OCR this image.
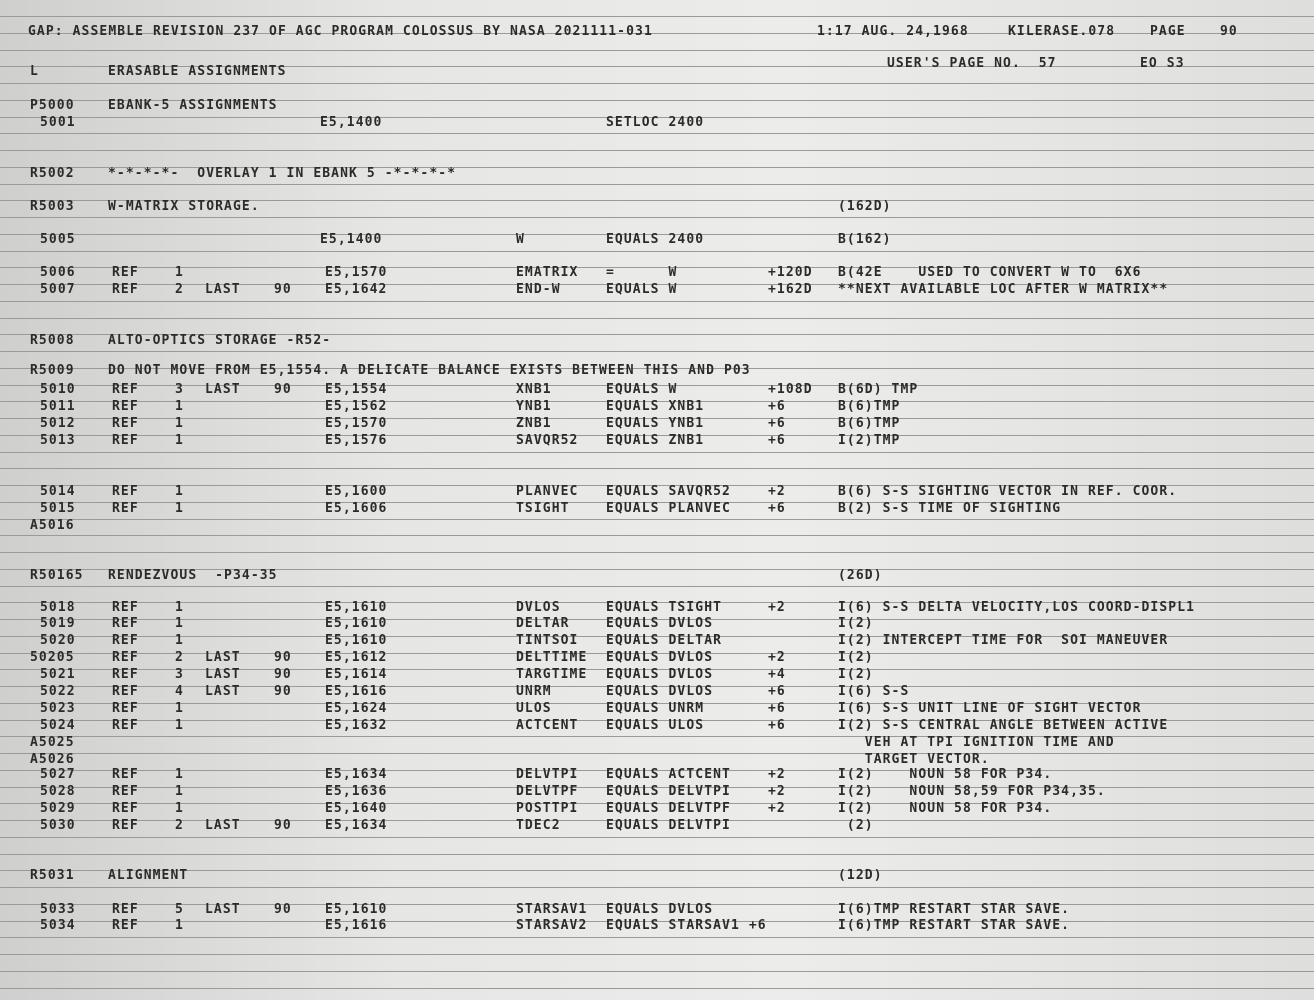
GAP: ASSEMBLE REVISION 237 OF AGC PROGRAM COLOSSUS BY NASA 2021111-031	1:17 AUG. 24,1968	KILERASE.078	PAGE	90
USER'S PAGE NO.  57	EO S3
L	ERASABLE ASSIGNMENTS
P5000	EBANK-5 ASSIGNMENTS
5001	E5,1400	SETLOC 2400
R5002	*-*-*-*-  OVERLAY 1 IN EBANK 5 -*-*-*-*
R5003	W-MATRIX STORAGE.	(162D)
5005	E5,1400	W	EQUALS 2400	B(162)
5006	REF	1	E5,1570	EMATRIX =      W	+120D B(42E    USED TO CONVERT W TO  6X6
5007	REF	2 LAST	90	E5,1642	END-W	EQUALS W	+162D **NEXT AVAILABLE LOC AFTER W MATRIX**
R5008	ALTO-OPTICS STORAGE -R52-
R5009	DO NOT MOVE FROM E5,1554. A DELICATE BALANCE EXISTS BETWEEN THIS AND P03
5010	REF	3 LAST	90	E5,1554	XNB1	EQUALS W	+108D B(6D) TMP
5011	REF	1	E5,1562	YNB1	EQUALS XNB1	+6	B(6)TMP
5012	REF	1	E5,1570	ZNB1	EQUALS YNB1	+6	B(6)TMP
5013	REF	1	E5,1576	SAVQR52 EQUALS ZNB1	+6	I(2)TMP
5014	REF	1	E5,1600	PLANVEC EQUALS SAVQR52	+2	B(6) S-S SIGHTING VECTOR IN REF. COOR.
5015	REF	1	E5,1606	TSIGHT	EQUALS PLANVEC	+6	B(2) S-S TIME OF SIGHTING
A5016
R50165 RENDEZVOUS  -P34-35	(26D)
5018	REF	1	E5,1610	DVLOS	EQUALS TSIGHT	+2	I(6) S-S DELTA VELOCITY,LOS COORD-DISPL1
5019	REF	1	E5,1610	DELTAR	EQUALS DVLOS	I(2)
5020	REF	1	E5,1610	TINTSOI EQUALS DELTAR	I(2) INTERCEPT TIME FOR  SOI MANEUVER
50205	REF	2 LAST	90	E5,1612	DELTTIME EQUALS DVLOS	+2	I(2)
5021	REF	3 LAST	90	E5,1614	TARGTIME EQUALS DVLOS	+4	I(2)
5022	REF	4 LAST	90	E5,1616	UNRM	EQUALS DVLOS	+6	I(6) S-S
5023	REF	1	E5,1624	ULOS	EQUALS UNRM	+6	I(6) S-S UNIT LINE OF SIGHT VECTOR
5024	REF	1	E5,1632	ACTCENT EQUALS ULOS	+6	I(2) S-S CENTRAL ANGLE BETWEEN ACTIVE
A5025	VEH AT TPI IGNITION TIME AND
A5026	TARGET VECTOR.
5027	REF	1	E5,1634	DELVTPI EQUALS ACTCENT	+2	I(2)    NOUN 58 FOR P34.
5028	REF	1	E5,1636	DELVTPF EQUALS DELVTPI	+2	I(2)    NOUN 58,59 FOR P34,35.
5029	REF	1	E5,1640	POSTTPI EQUALS DELVTPF	+2	I(2)    NOUN 58 FOR P34.
5030	REF	2 LAST	90	E5,1634	TDEC2	EQUALS DELVTPI	(2)
R5031	ALIGNMENT	(12D)
5033	REF	5 LAST	90	E5,1610	STARSAV1 EQUALS DVLOS	I(6)TMP RESTART STAR SAVE.
5034	REF	1	E5,1616	STARSAV2 EQUALS STARSAV1 +6	I(6)TMP RESTART STAR SAVE.
